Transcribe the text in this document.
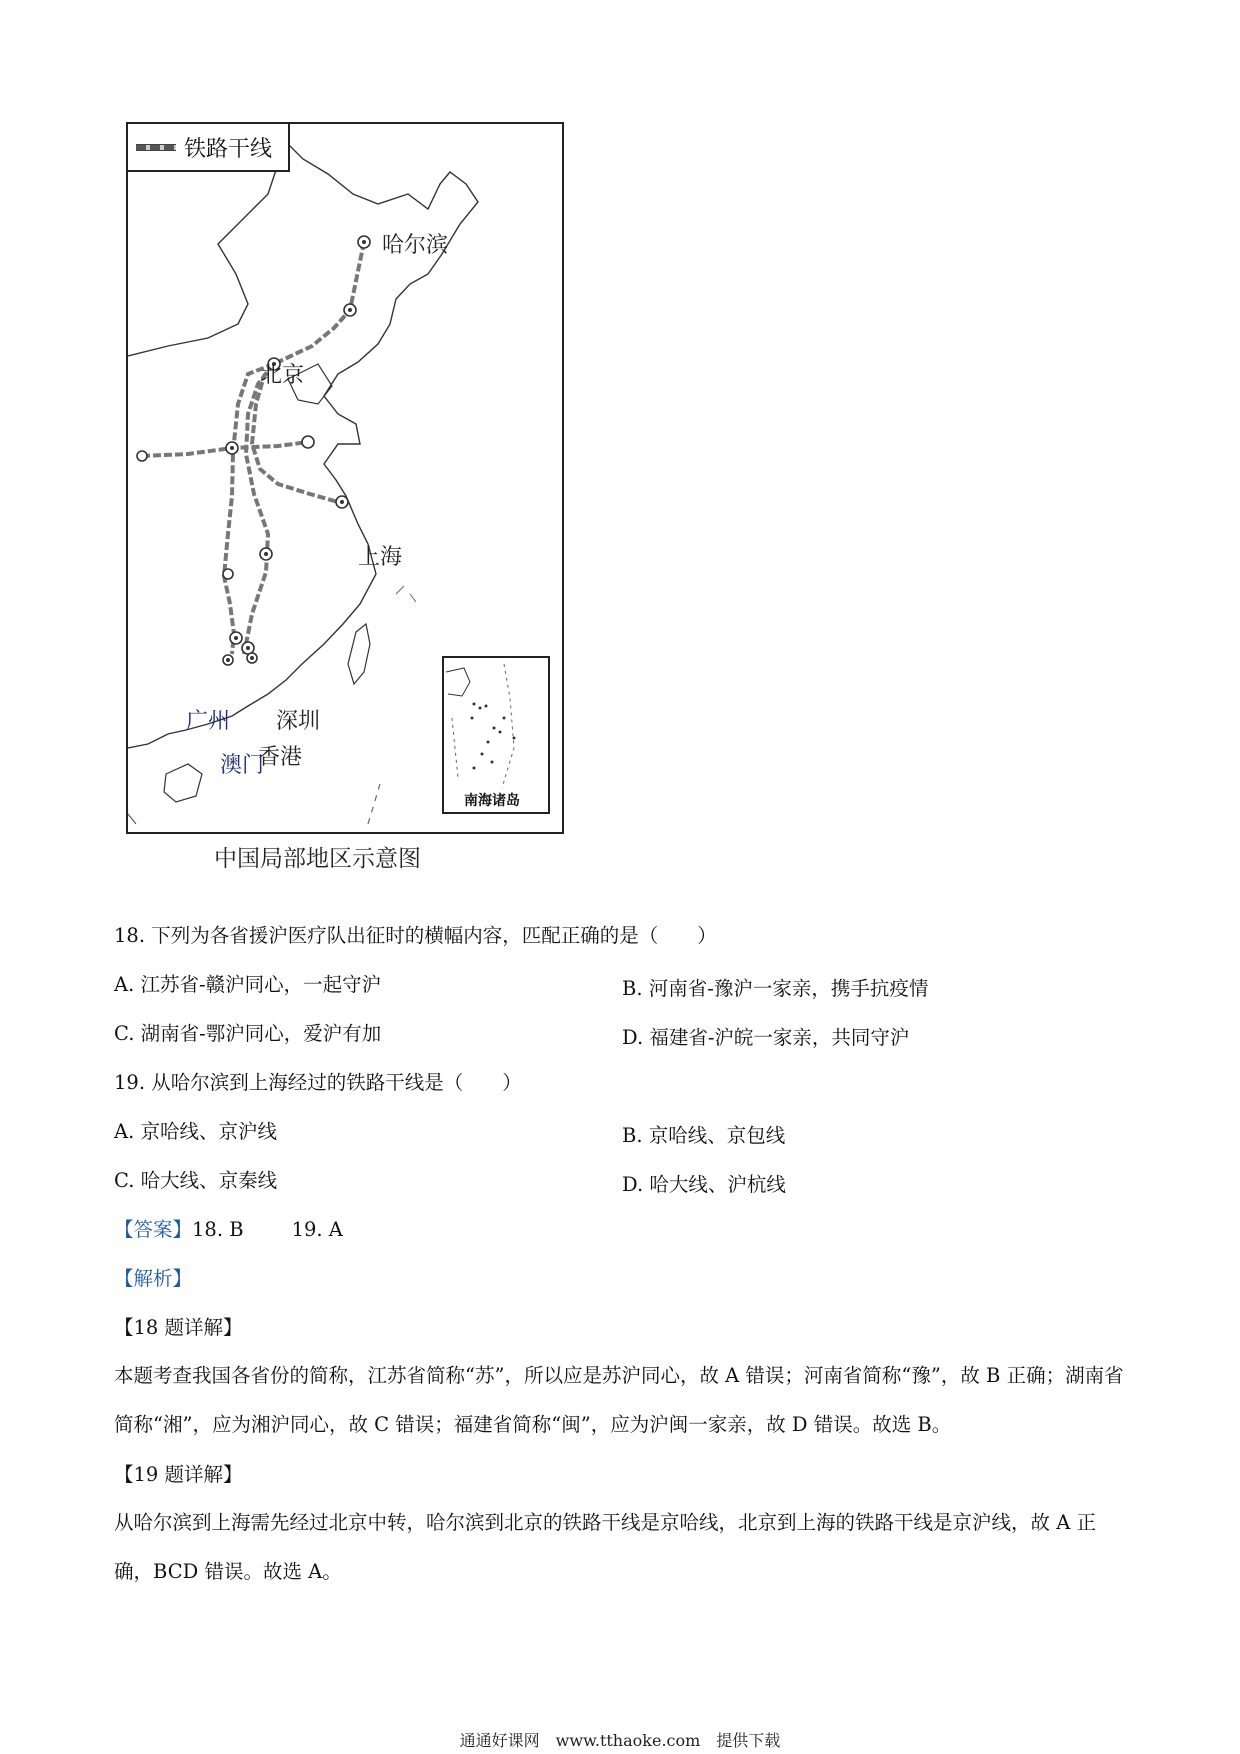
铁路干线
哈尔滨
北京
上海
广州 深圳
香港
澳门
南海诸岛
中国局部地区示意图
18. 下列为各省援沪医疗队出征时的横幅内容，匹配正确的是（　　）
A. 江苏省-赣沪同心，一起守沪	B. 河南省-豫沪一家亲，携手抗疫情
C. 湖南省-鄂沪同心，爱沪有加	D. 福建省-沪皖一家亲，共同守沪
19. 从哈尔滨到上海经过的铁路干线是（　　）
A. 京哈线、京沪线	B. 京哈线、京包线
C. 哈大线、京秦线	D. 哈大线、沪杭线
【答案】18. B 19. A
【解析】
【18 题详解】
本题考查我国各省份的简称，江苏省简称“苏”，所以应是苏沪同心，故 A 错误；河南省简称“豫”，故 B 正确；湖南省简称“湘”，应为湘沪同心，故 C 错误；福建省简称“闽”，应为沪闽一家亲，故 D 错误。故选 B。
【19 题详解】
从哈尔滨到上海需先经过北京中转，哈尔滨到北京的铁路干线是京哈线，北京到上海的铁路干线是京沪线，故 A 正确，BCD 错误。故选 A。
通通好课网　www.tthaoke.com　提供下载
